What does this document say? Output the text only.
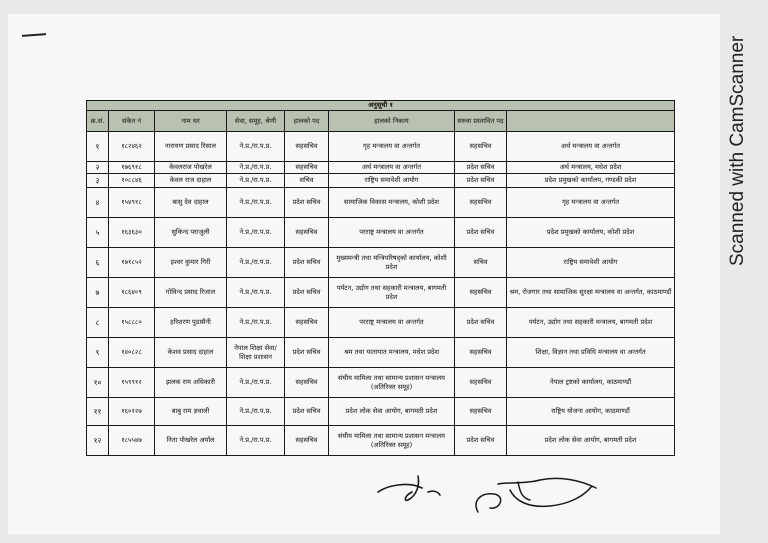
Scanned with CamScanner
अनुसूची १							
क्र.सं.	संकेत नं	नाम थर	सेवा, समूह, श्रेणी	हालको पद	हालको निकाय	सरुवा प्रस्तावित पद	
१	१८२४६२	नारायण प्रसाद रिसाल	ने.प्र./रा.प.प्र.	सहसचिव	गृह मन्त्रालय वा अन्तर्गत	सहसचिव	अर्थ मन्त्रालय वा अन्तर्गत
२	१७६९१८	केवलराज पोखरेल	ने.प्र./रा.प.प्र.	सहसचिव	अर्थ मन्त्रालय वा अन्तर्गत	प्रदेश सचिव	अर्थ मन्त्रालय, मधेश प्रदेश
३	१०८८४६	केवल राज दाहाल	ने.प्र./रा.प.प्र.	सचिव	राष्ट्रिय समावेशी आयोग	प्रदेश सचिव	प्रदेश प्रमुखको कार्यालय, गण्डकी प्रदेश
४	१५४९१८	बासु देव दाहाल	ने.प्र./रा.प.प्र.	प्रदेश सचिव	सामाजिक विकास मन्त्रालय, कोशी प्रदेश	सहसचिव	गृह मन्त्रालय वा अन्तर्गत
५	१६३६३०	सुकिन्द पराजुली	ने.प्र./रा.प.प्र.	सहसचिव	परराष्ट्र मन्त्रालय वा अन्तर्गत	प्रदेश सचिव	प्रदेश प्रमुखको कार्यालय, कोशी प्रदेश
६	१७१८५२	इश्वर कुमार गिरी	ने.प्र./रा.प.प्र.	प्रदेश सचिव	मुख्यमन्त्री तथा मन्त्रिपरिषद्को कार्यालय, कोशी प्रदेश	सचिव	राष्ट्रिय समावेशी आयोग
७	१८६४०९	गोविन्द प्रसाद रिजाल	ने.प्र./रा.प.प्र.	प्रदेश सचिव	पर्यटन, उद्योग तथा सहकारी मन्त्रालय, बागमती प्रदेश	सहसचिव	श्रम, रोजगार तथा सामाजिक सुरक्षा मन्त्रालय वा अन्तर्गत, काठमाण्डौं
८	१५८८८०	हरिशरण पुडासैनी	ने.प्र./रा.प.प्र.	सहसचिव	परराष्ट्र मन्त्रालय वा अन्तर्गत	प्रदेश सचिव	पर्यटन, उद्योग तथा सहकारी मन्त्रालय, बागमती प्रदेश
९	१४०८२८	केशव प्रसाद दाहाल	नेपाल शिक्षा सेवा/शिक्षा प्रशासन	प्रदेश सचिव	श्रम तथा यातायात मन्त्रालय, मधेश प्रदेश	सहसचिव	शिक्षा, विज्ञान तथा प्रविधि मन्त्रालय वा अन्तर्गत
१०	१५९९१२	झलक राम अधिकारी	ने.प्र./रा.प.प्र.	सहसचिव	संघीय मामिला तथा सामान्य प्रशासन मन्त्रालय (अतिरिक्त समूह)	सहसचिव	नेपाल ट्रष्टको कार्यालय, काठमाण्डौं
११	१६०१२७	बाबु राम ज्ञवाली	ने.प्र./रा.प.प्र.	प्रदेश सचिव	प्रदेश लोक सेवा आयोग, बागमती प्रदेश	सहसचिव	राष्ट्रिय योजना आयोग, काठमाण्डौं
१२	१८५५४७	निता पोखरेल अर्याल	ने.प्र./रा.प.प्र.	सहसचिव	संघीय मामिला तथा सामान्य प्रशासन मन्त्रालय (अतिरिक्त समूह)	प्रदेश सचिव	प्रदेश लोक सेवा आयोग, बागमती प्रदेश
